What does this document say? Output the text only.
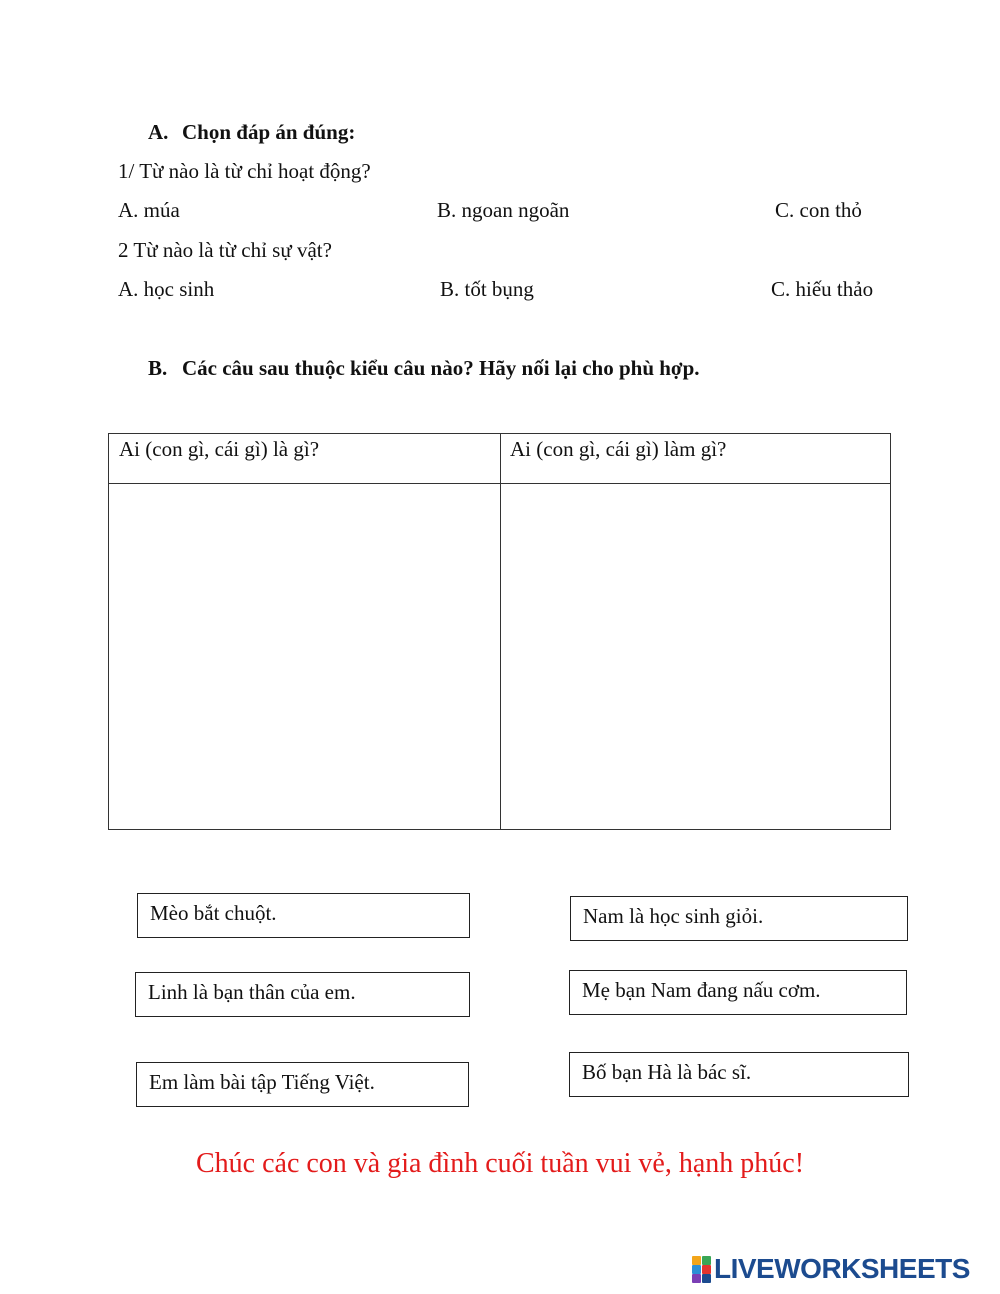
A. Chọn đáp án đúng:
1/ Từ nào là từ chỉ hoạt động?
A. múa	B. ngoan ngoãn	C. con thỏ
2 Từ nào là từ chỉ sự vật?
A. học sinh	B. tốt bụng	C. hiếu thảo
B. Các câu sau thuộc kiểu câu nào? Hãy nối lại cho phù hợp.
Ai (con gì, cái gì) là gì?	Ai (con gì, cái gì) làm gì?
Mèo bắt chuột.	Nam là học sinh giỏi.
Linh là bạn thân của em.	Mẹ bạn Nam đang nấu cơm.
Em làm bài tập Tiếng Việt.	Bố bạn Hà là bác sĩ.
Chúc các con và gia đình cuối tuần vui vẻ, hạnh phúc!
LIVEWORKSHEETS
